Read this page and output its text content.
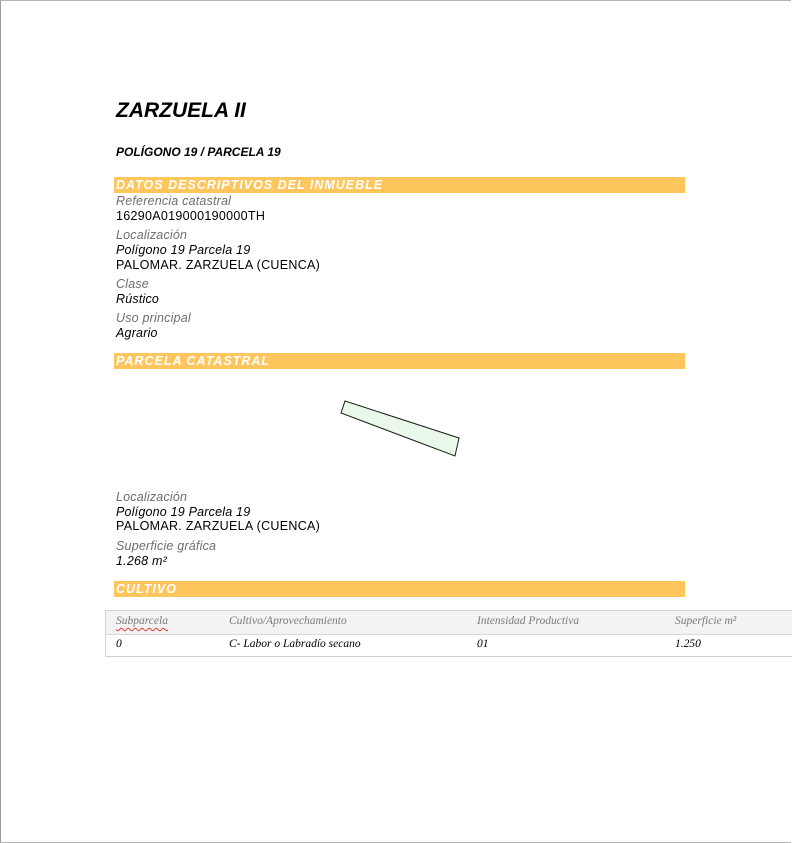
ZARZUELA II
POLÍGONO 19 / PARCELA 19
DATOS DESCRIPTIVOS DEL INMUEBLE
Referencia catastral
16290A019000190000TH
Localización
Polígono 19 Parcela 19
PALOMAR. ZARZUELA (CUENCA)
Clase
Rústico
Uso principal
Agrario
PARCELA CATASTRAL
Localización
Polígono 19 Parcela 19
PALOMAR. ZARZUELA (CUENCA)
Superficie gráfica
1.268 m²
CULTIVO
Subparcela	Cultivo/Aprovechamiento	Intensidad Productiva	Superficie m²
0	C- Labor o Labradío secano	01	1.250
